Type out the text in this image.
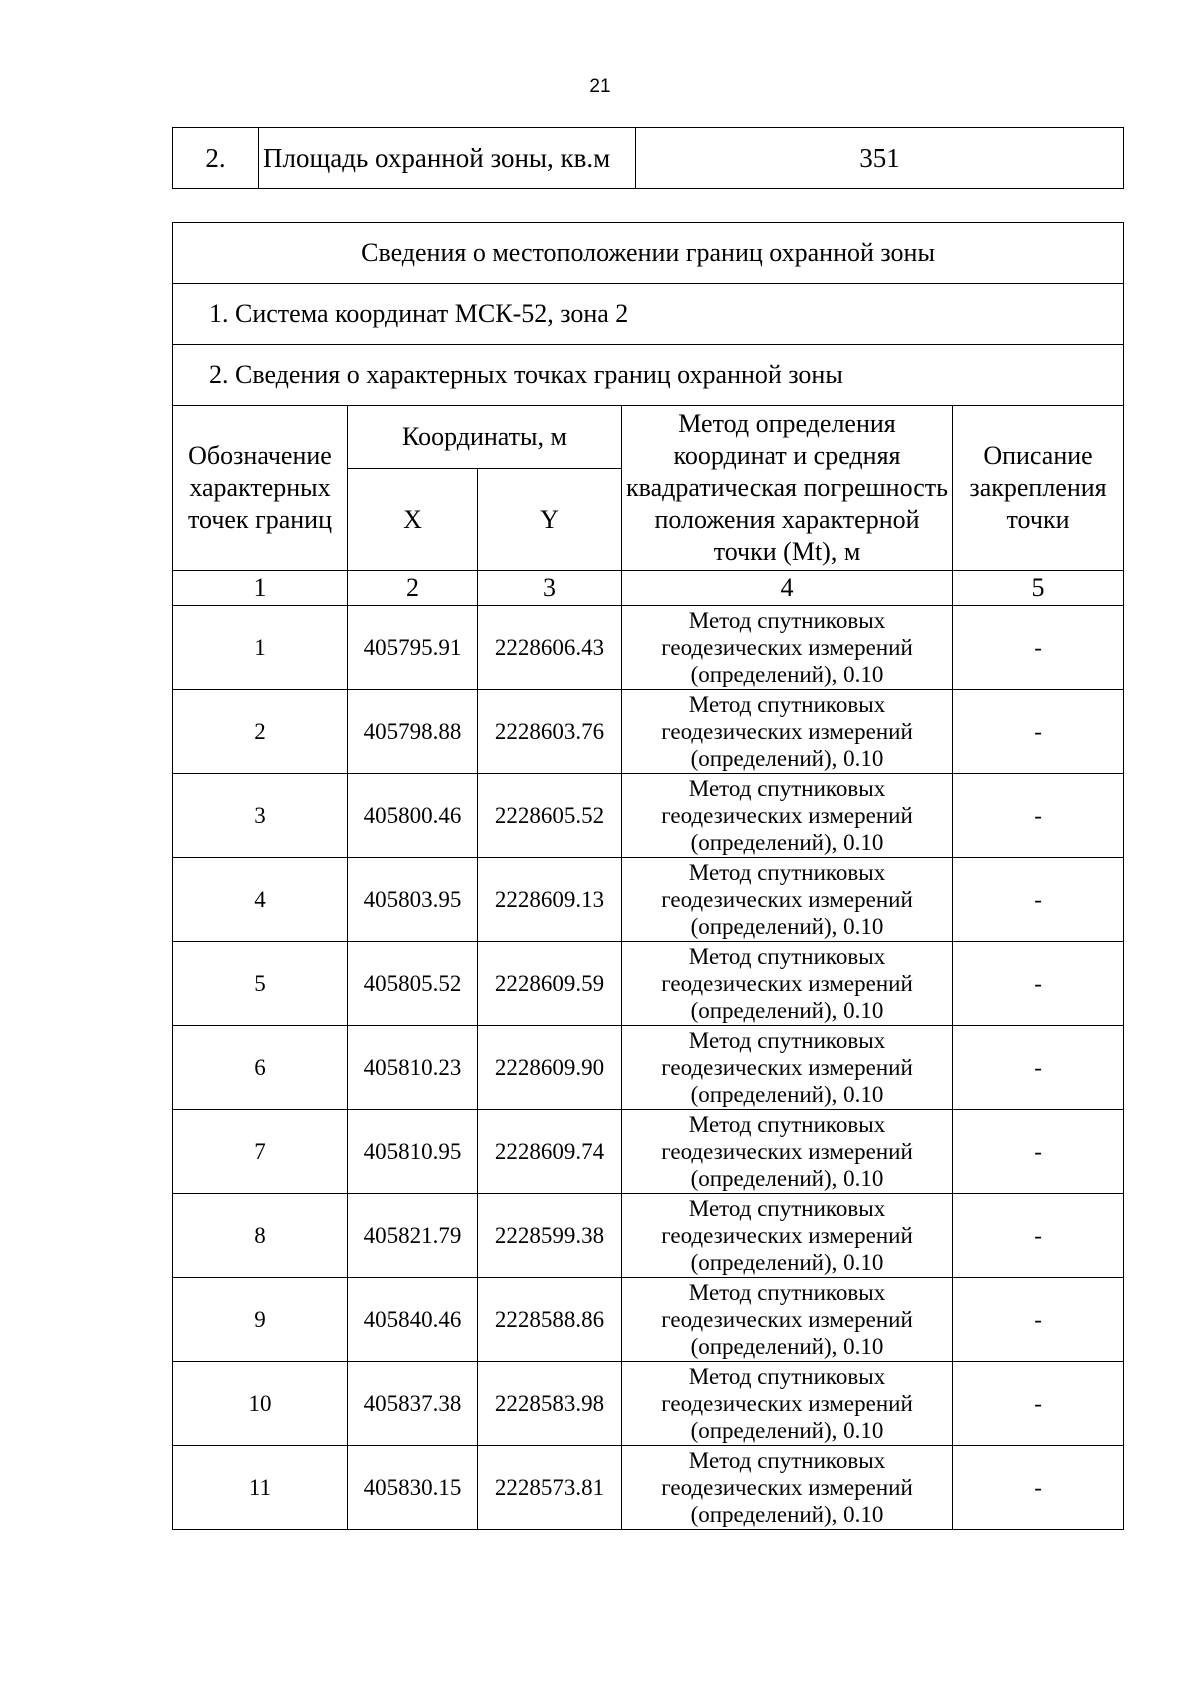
21
2.	Площадь охранной зоны, кв.м	351
Сведения о местоположении границ охранной зоны				
1. Система координат МСК-52, зона 2				
2. Сведения о характерных точках границ охранной зоны				
Обозначение характерных точек границ	Координаты, м		Метод определения координат и средняя квадратическая погрешность положения характерной точки (Mt), м	Описание закрепления точки
	X	Y		
1	2	3	4	5
1	405795.91	2228606.43	Метод спутниковых
геодезических измерений
(определений), 0.10	-
2	405798.88	2228603.76	Метод спутниковых
геодезических измерений
(определений), 0.10	-
3	405800.46	2228605.52	Метод спутниковых
геодезических измерений
(определений), 0.10	-
4	405803.95	2228609.13	Метод спутниковых
геодезических измерений
(определений), 0.10	-
5	405805.52	2228609.59	Метод спутниковых
геодезических измерений
(определений), 0.10	-
6	405810.23	2228609.90	Метод спутниковых
геодезических измерений
(определений), 0.10	-
7	405810.95	2228609.74	Метод спутниковых
геодезических измерений
(определений), 0.10	-
8	405821.79	2228599.38	Метод спутниковых
геодезических измерений
(определений), 0.10	-
9	405840.46	2228588.86	Метод спутниковых
геодезических измерений
(определений), 0.10	-
10	405837.38	2228583.98	Метод спутниковых
геодезических измерений
(определений), 0.10	-
11	405830.15	2228573.81	Метод спутниковых
геодезических измерений
(определений), 0.10	-
